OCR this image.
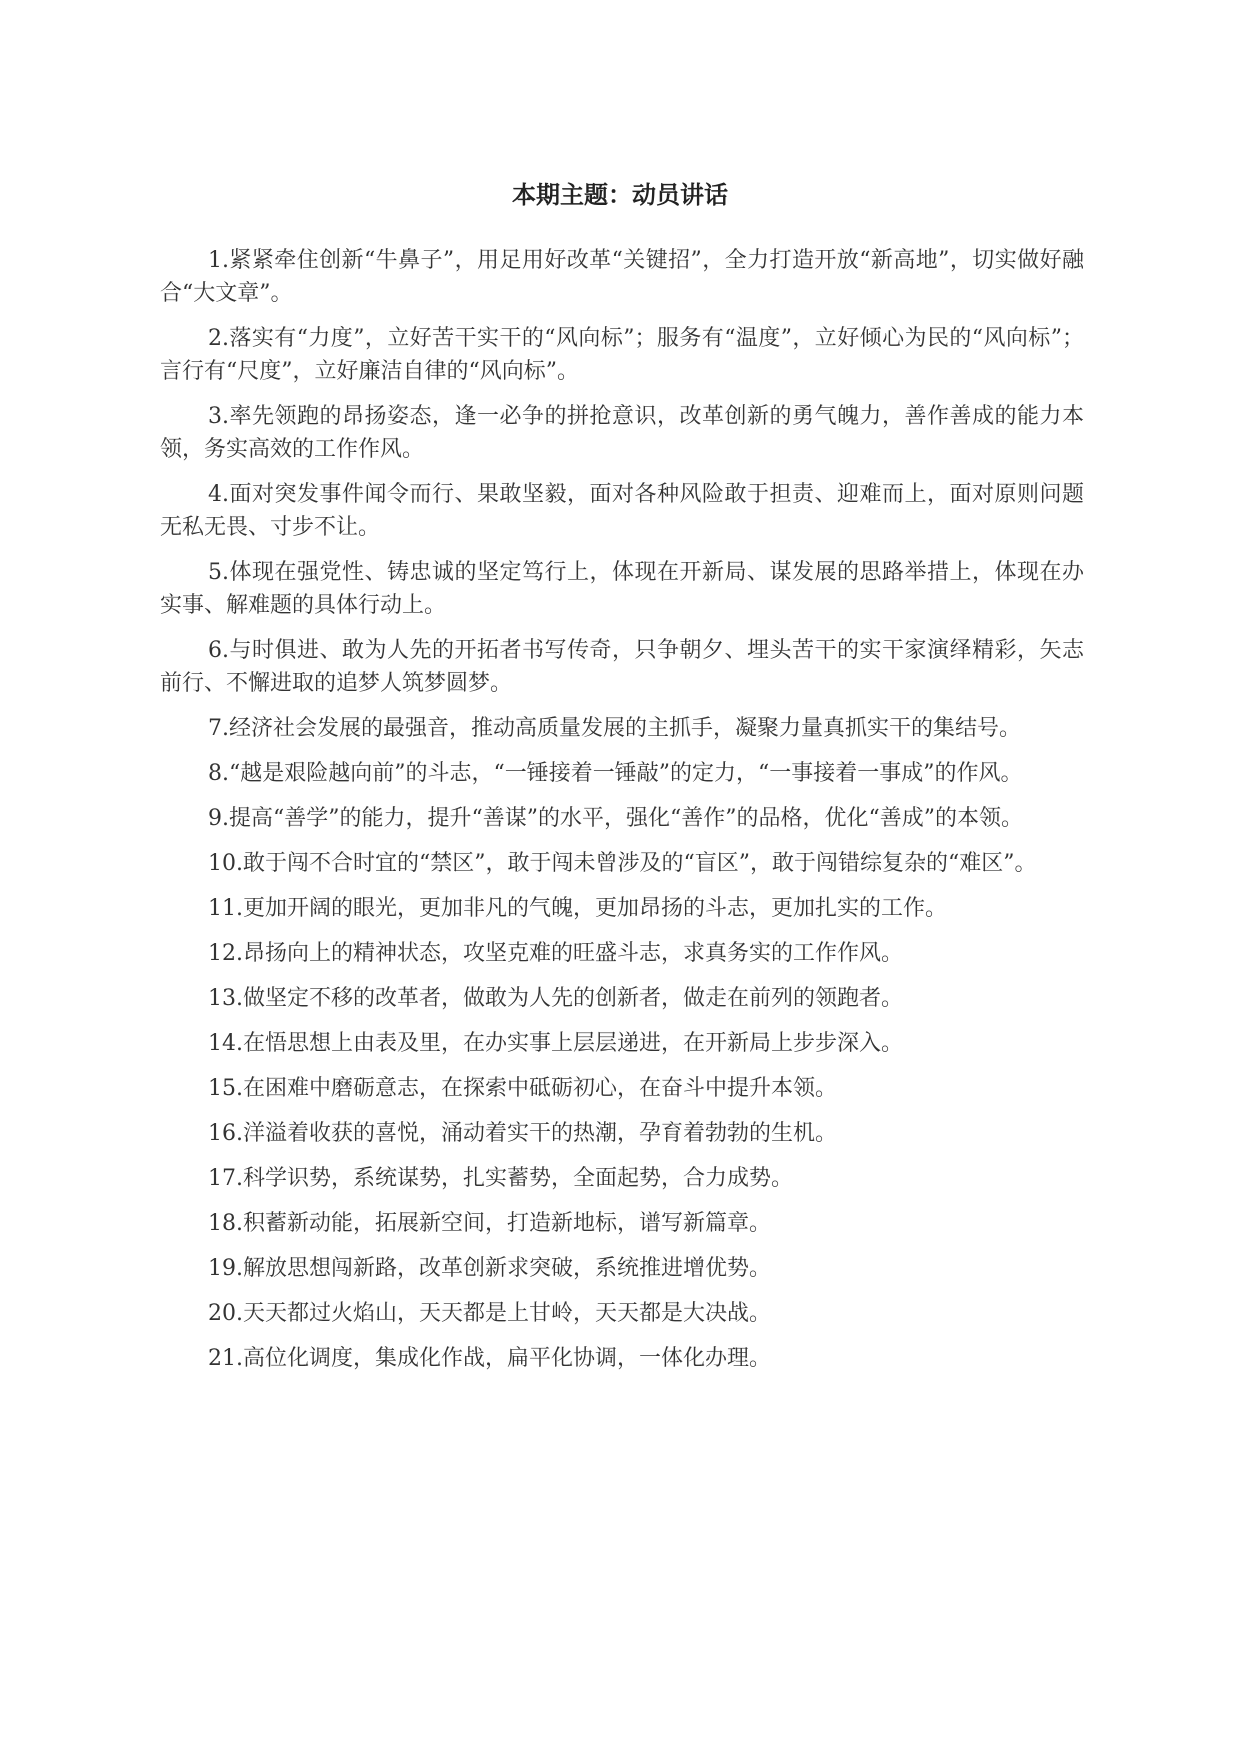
本期主题：动员讲话

1.紧紧牵住创新“牛鼻子”，用足用好改革“关键招”，全力打造开放“新高地”，切实做好融合“大文章”。

2.落实有“力度”，立好苦干实干的“风向标”；服务有“温度”，立好倾心为民的“风向标”；言行有“尺度”，立好廉洁自律的“风向标”。

3.率先领跑的昂扬姿态，逢一必争的拼抢意识，改革创新的勇气魄力，善作善成的能力本领，务实高效的工作作风。

4.面对突发事件闻令而行、果敢坚毅，面对各种风险敢于担责、迎难而上，面对原则问题无私无畏、寸步不让。

5.体现在强党性、铸忠诚的坚定笃行上，体现在开新局、谋发展的思路举措上，体现在办实事、解难题的具体行动上。

6.与时俱进、敢为人先的开拓者书写传奇，只争朝夕、埋头苦干的实干家演绎精彩，矢志前行、不懈进取的追梦人筑梦圆梦。

7.经济社会发展的最强音，推动高质量发展的主抓手，凝聚力量真抓实干的集结号。

8.“越是艰险越向前”的斗志，“一锤接着一锤敲”的定力，“一事接着一事成”的作风。

9.提高“善学”的能力，提升“善谋”的水平，强化“善作”的品格，优化“善成”的本领。

10.敢于闯不合时宜的“禁区”，敢于闯未曾涉及的“盲区”，敢于闯错综复杂的“难区”。

11.更加开阔的眼光，更加非凡的气魄，更加昂扬的斗志，更加扎实的工作。

12.昂扬向上的精神状态，攻坚克难的旺盛斗志，求真务实的工作作风。

13.做坚定不移的改革者，做敢为人先的创新者，做走在前列的领跑者。

14.在悟思想上由表及里，在办实事上层层递进，在开新局上步步深入。

15.在困难中磨砺意志，在探索中砥砺初心，在奋斗中提升本领。

16.洋溢着收获的喜悦，涌动着实干的热潮，孕育着勃勃的生机。

17.科学识势，系统谋势，扎实蓄势，全面起势，合力成势。

18.积蓄新动能，拓展新空间，打造新地标，谱写新篇章。

19.解放思想闯新路，改革创新求突破，系统推进增优势。

20.天天都过火焰山，天天都是上甘岭，天天都是大决战。

21.高位化调度，集成化作战，扁平化协调，一体化办理。
